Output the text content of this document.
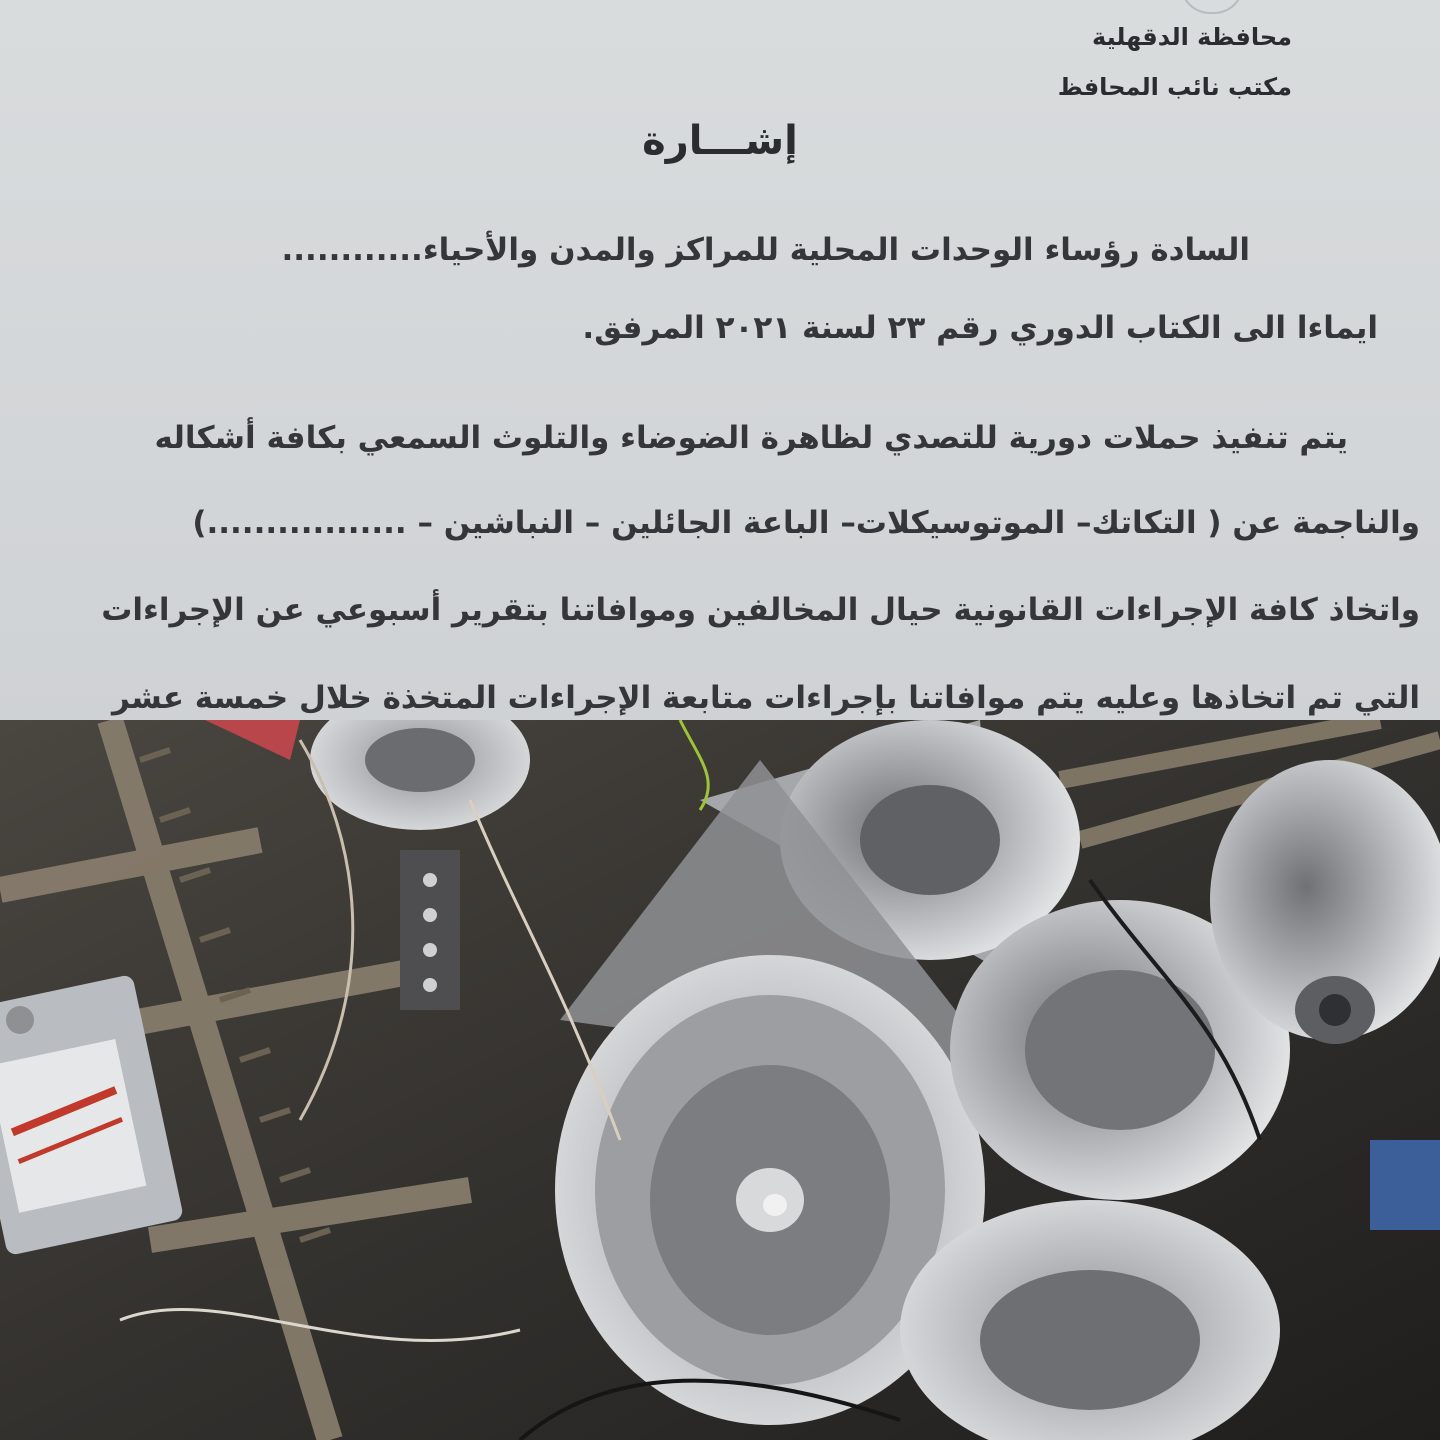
محافظة الدقهلية
مكتب نائب المحافظ
إشـــارة
السادة رؤساء الوحدات المحلية للمراكز والمدن والأحياء............
ايماءا الى الكتاب الدوري رقم ٢٣ لسنة ٢٠٢١ المرفق.
يتم تنفيذ حملات دورية للتصدي لظاهرة الضوضاء والتلوث السمعي بكافة أشكاله
والناجمة عن ( التكاتك– الموتوسيكلات– الباعة الجائلين – النباشين – .................)
واتخاذ كافة الإجراءات القانونية حيال المخالفين وموافاتنا بتقرير أسبوعي عن الإجراءات
التي تم اتخاذها وعليه يتم موافاتنا بإجراءات متابعة الإجراءات المتخذة خلال خمسة عشر
